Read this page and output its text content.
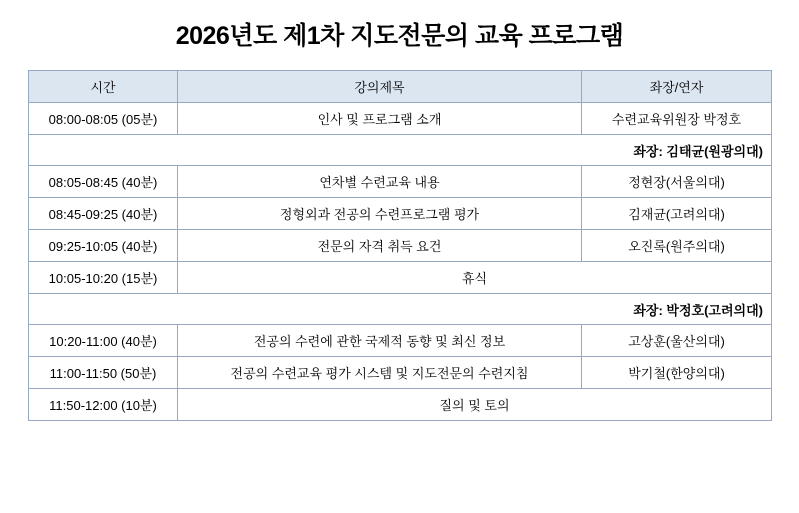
2026년도 제1차 지도전문의 교육 프로그램
시간	강의제목	좌장/연자
08:00-08:05 (05분)	인사 및 프로그램 소개	수련교육위원장 박정호
좌장: 김태균(원광의대)		
08:05-08:45 (40분)	연차별 수련교육 내용	정현장(서울의대)
08:45-09:25 (40분)	정형외과 전공의 수련프로그램 평가	김재균(고려의대)
09:25-10:05 (40분)	전문의 자격 취득 요건	오진록(원주의대)
10:05-10:20 (15분)	휴식	
좌장: 박정호(고려의대)		
10:20-11:00 (40분)	전공의 수련에 관한 국제적 동향 및 최신 정보	고상훈(울산의대)
11:00-11:50 (50분)	전공의 수련교육 평가 시스템 및 지도전문의 수련지침	박기철(한양의대)
11:50-12:00 (10분)	질의 및 토의	
